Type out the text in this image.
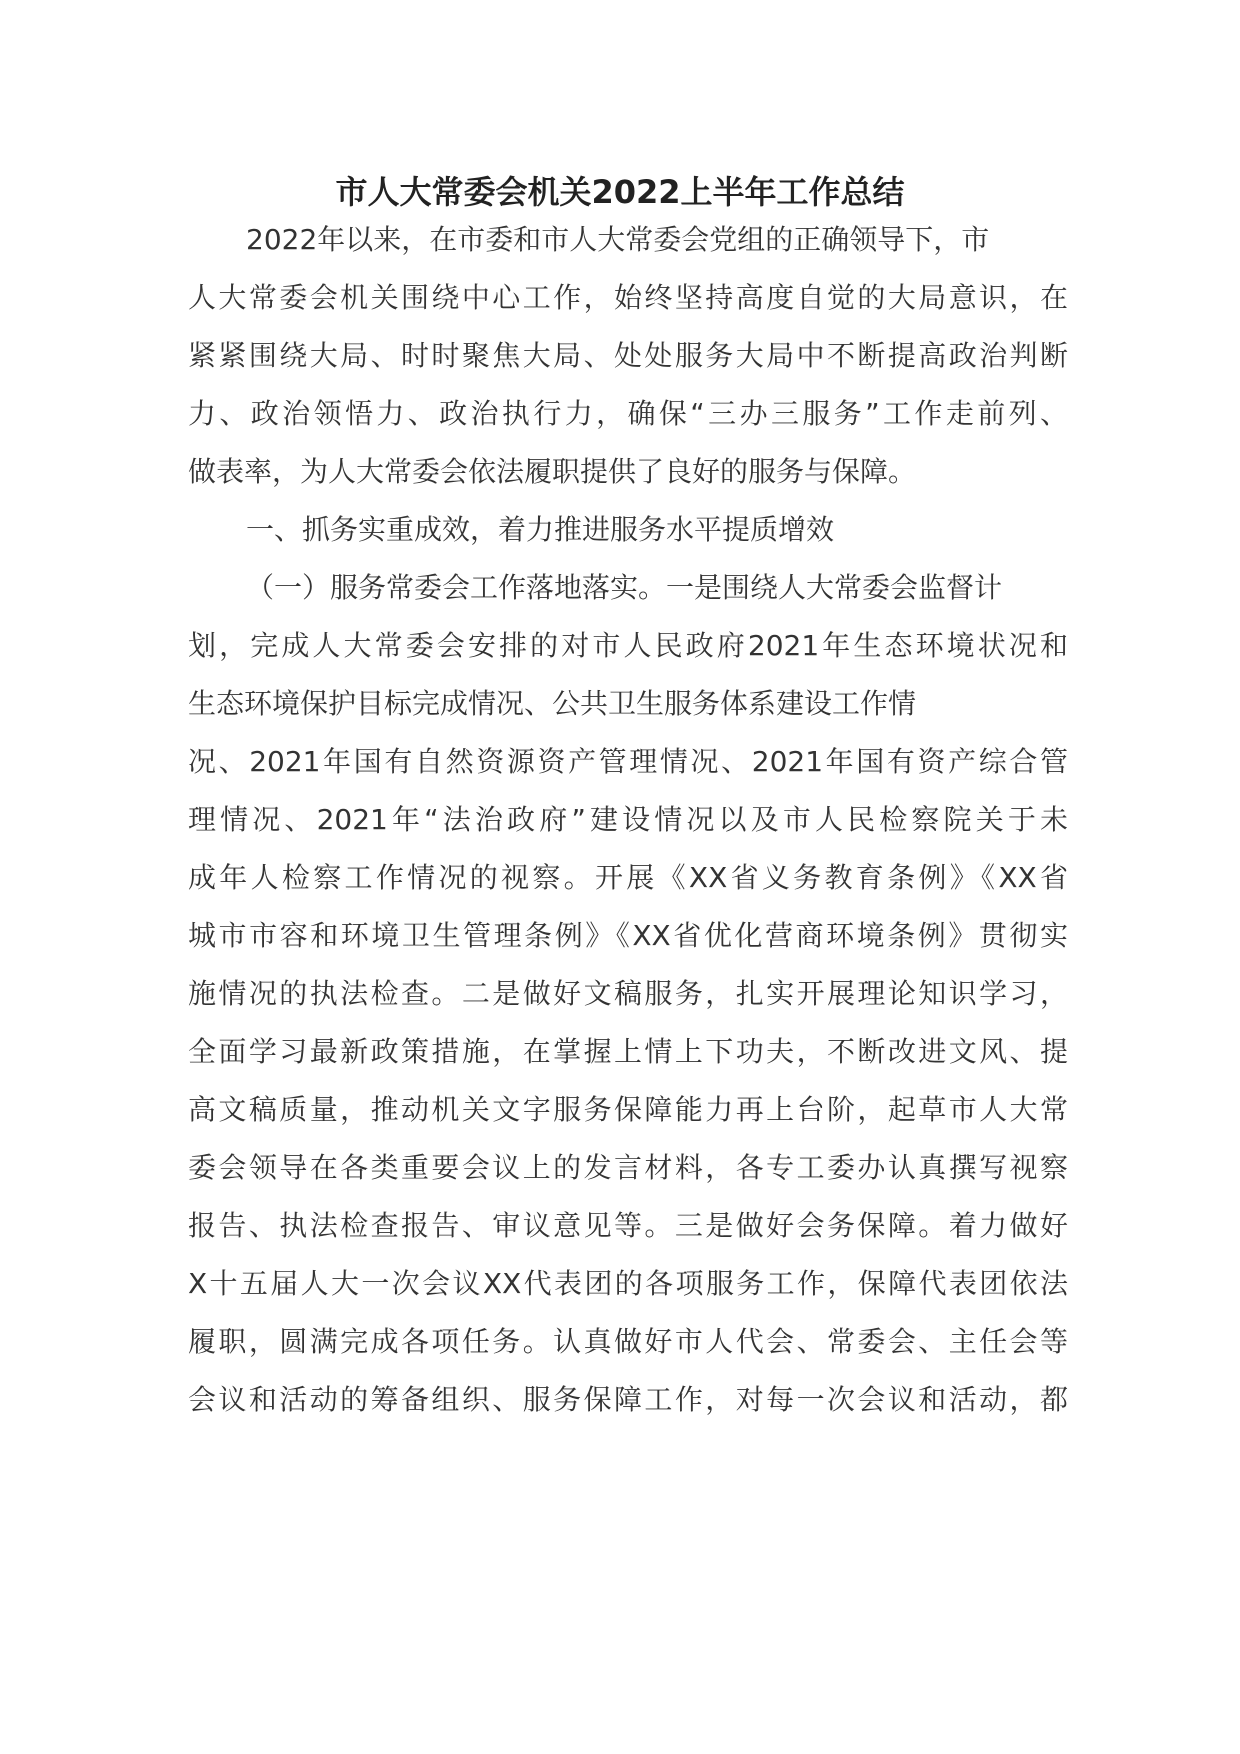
市人大常委会机关2022上半年工作总结
2022年以来，在市委和市人大常委会党组的正确领导下，市
人大常委会机关围绕中心工作，始终坚持高度自觉的大局意识，在
紧紧围绕大局、时时聚焦大局、处处服务大局中不断提高政治判断
力、政治领悟力、政治执行力，确保“三办三服务”工作走前列、
做表率，为人大常委会依法履职提供了良好的服务与保障。
一、抓务实重成效，着力推进服务水平提质增效
（一）服务常委会工作落地落实。一是围绕人大常委会监督计
划，完成人大常委会安排的对市人民政府2021年生态环境状况和
生态环境保护目标完成情况、公共卫生服务体系建设工作情
况、2021年国有自然资源资产管理情况、2021年国有资产综合管
理情况、2021年“法治政府”建设情况以及市人民检察院关于未
成年人检察工作情况的视察。开展《XX省义务教育条例》《XX省
城市市容和环境卫生管理条例》《XX省优化营商环境条例》贯彻实
施情况的执法检查。二是做好文稿服务，扎实开展理论知识学习，
全面学习最新政策措施，在掌握上情上下功夫，不断改进文风、提
高文稿质量，推动机关文字服务保障能力再上台阶，起草市人大常
委会领导在各类重要会议上的发言材料，各专工委办认真撰写视察
报告、执法检查报告、审议意见等。三是做好会务保障。着力做好
X十五届人大一次会议XX代表团的各项服务工作，保障代表团依法
履职，圆满完成各项任务。认真做好市人代会、常委会、主任会等
会议和活动的筹备组织、服务保障工作，对每一次会议和活动，都
